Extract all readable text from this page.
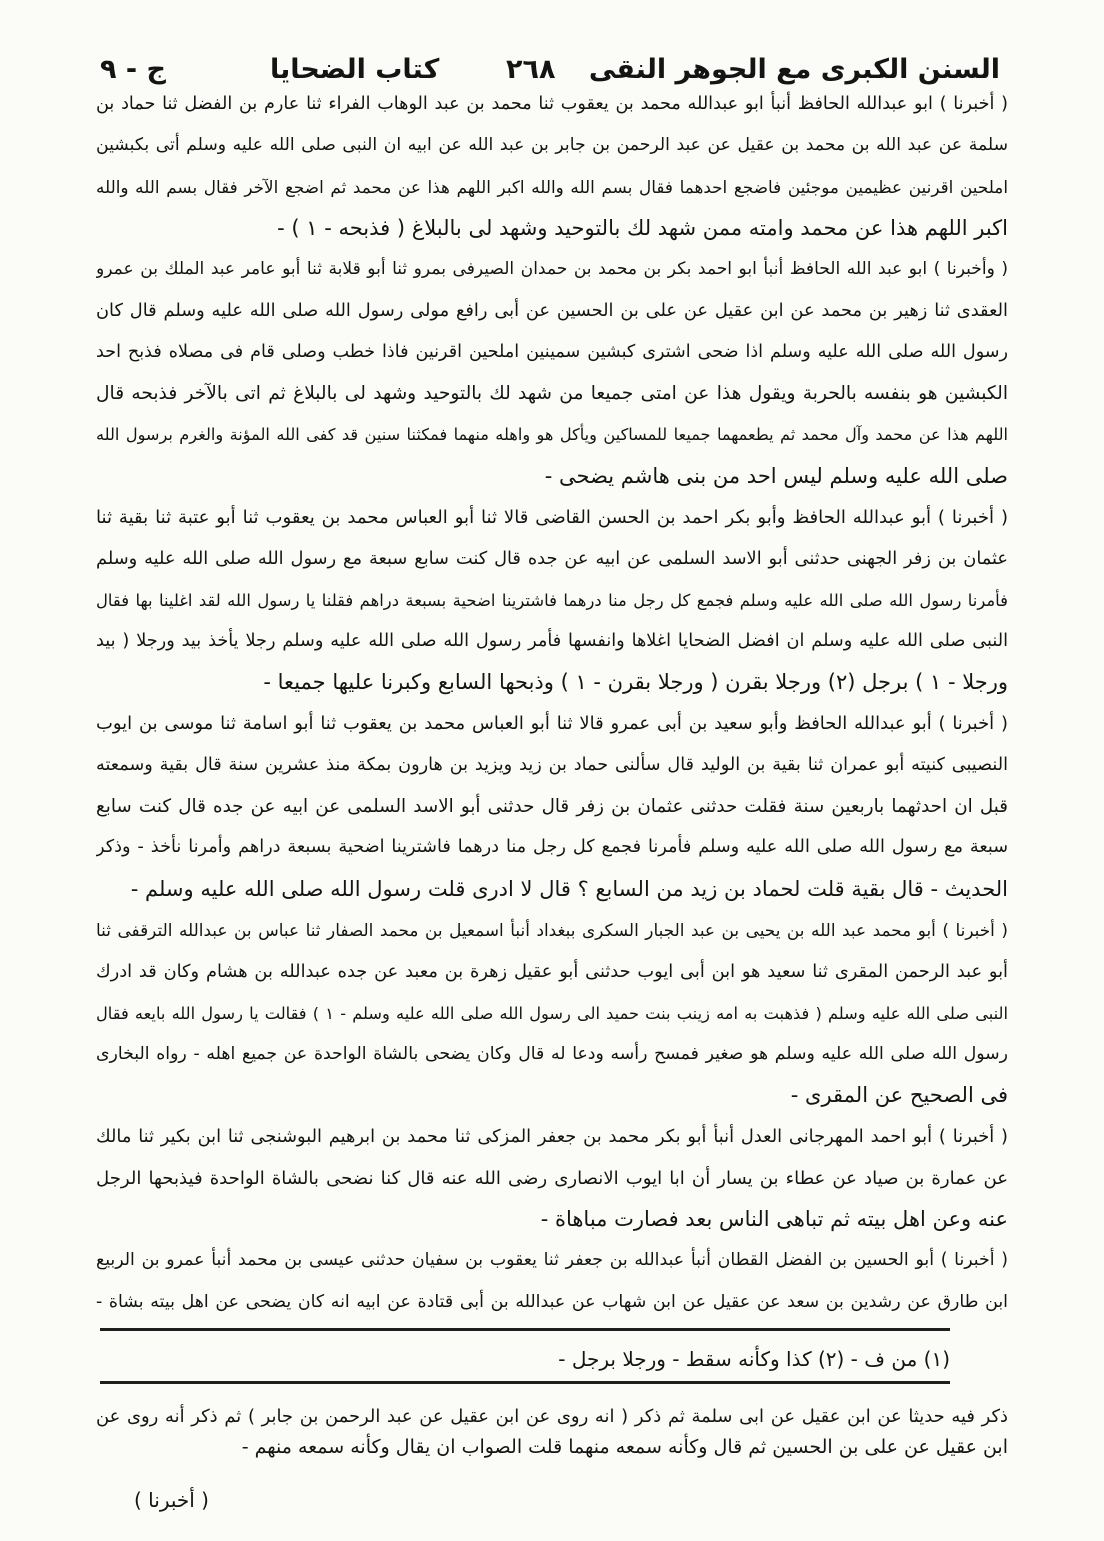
السنن الكبرى مع الجوهر النقى
٢٦٨
كتاب الضحايا
ج - ٩
( أخبرنا ) ابو عبدالله الحافظ أنبأ ابو عبدالله محمد بن يعقوب ثنا محمد بن عبد الوهاب الفراء ثنا عارم بن الفضل ثنا حماد بن
سلمة عن عبد الله بن محمد بن عقيل عن عبد الرحمن بن جابر بن عبد الله عن ابيه ان النبى صلى الله عليه وسلم أتى بكبشين
املحين اقرنين عظيمين موجئين فاضجع احدهما فقال بسم الله والله اكبر اللهم هذا عن محمد ثم اضجع الآخر فقال بسم الله والله
اكبر اللهم هذا عن محمد وامته ممن شهد لك بالتوحيد وشهد لى بالبلاغ ( فذبحه - ١ ) -
( وأخبرنا ) ابو عبد الله الحافظ أنبأ ابو احمد بكر بن محمد بن حمدان الصيرفى بمرو ثنا أبو قلابة ثنا أبو عامر عبد الملك بن عمرو
العقدى ثنا زهير بن محمد عن ابن عقيل عن على بن الحسين عن أبى رافع مولى رسول الله صلى الله عليه وسلم قال كان
رسول الله صلى الله عليه وسلم اذا ضحى اشترى كبشين سمينين املحين اقرنين فاذا خطب وصلى قام فى مصلاه فذبح احد
الكبشين هو بنفسه بالحربة ويقول هذا عن امتى جميعا من شهد لك بالتوحيد وشهد لى بالبلاغ ثم اتى بالآخر فذبحه قال
اللهم هذا عن محمد وآل محمد ثم يطعمهما جميعا للمساكين ويأكل هو واهله منهما فمكثنا سنين قد كفى الله المؤنة والغرم برسول الله
صلى الله عليه وسلم ليس احد من بنى هاشم يضحى -
( أخبرنا ) أبو عبدالله الحافظ وأبو بكر احمد بن الحسن القاضى قالا ثنا أبو العباس محمد بن يعقوب ثنا أبو عتبة ثنا بقية ثنا
عثمان بن زفر الجهنى حدثنى أبو الاسد السلمى عن ابيه عن جده قال كنت سابع سبعة مع رسول الله صلى الله عليه وسلم
فأمرنا رسول الله صلى الله عليه وسلم فجمع كل رجل منا درهما فاشترينا اضحية بسبعة دراهم فقلنا يا رسول الله لقد اغلينا بها فقال
النبى صلى الله عليه وسلم ان افضل الضحايا اغلاها وانفسها فأمر رسول الله صلى الله عليه وسلم رجلا يأخذ بيد ورجلا ( بيد
ورجلا - ١ ) برجل (٢) ورجلا بقرن ( ورجلا بقرن - ١ ) وذبحها السابع وكبرنا عليها جميعا -
( أخبرنا ) أبو عبدالله الحافظ وأبو سعيد بن أبى عمرو قالا ثنا أبو العباس محمد بن يعقوب ثنا أبو اسامة ثنا موسى بن ايوب
النصيبى كنيته أبو عمران ثنا بقية بن الوليد قال سألنى حماد بن زيد ويزيد بن هارون بمكة منذ عشرين سنة قال بقية وسمعته
قبل ان احدثهما باربعين سنة فقلت حدثنى عثمان بن زفر قال حدثنى أبو الاسد السلمى عن ابيه عن جده قال كنت سابع
سبعة مع رسول الله صلى الله عليه وسلم فأمرنا فجمع كل رجل منا درهما فاشترينا اضحية بسبعة دراهم وأمرنا نأخذ - وذكر
الحديث - قال بقية قلت لحماد بن زيد من السابع ؟ قال لا ادرى قلت رسول الله صلى الله عليه وسلم -
( أخبرنا ) أبو محمد عبد الله بن يحيى بن عبد الجبار السكرى ببغداد أنبأ اسمعيل بن محمد الصفار ثنا عباس بن عبدالله الترقفى ثنا
أبو عبد الرحمن المقرى ثنا سعيد هو ابن أبى ايوب حدثنى أبو عقيل زهرة بن معبد عن جده عبدالله بن هشام وكان قد ادرك
النبى صلى الله عليه وسلم ( فذهبت به امه زينب بنت حميد الى رسول الله صلى الله عليه وسلم - ١ ) فقالت يا رسول الله بايعه فقال
رسول الله صلى الله عليه وسلم هو صغير فمسح رأسه ودعا له قال وكان يضحى بالشاة الواحدة عن جميع اهله - رواه البخارى
فى الصحيح عن المقرى -
( أخبرنا ) أبو احمد المهرجانى العدل أنبأ أبو بكر محمد بن جعفر المزكى ثنا محمد بن ابرهيم البوشنجى ثنا ابن بكير ثنا مالك
عن عمارة بن صياد عن عطاء بن يسار أن ابا ايوب الانصارى رضى الله عنه قال كنا نضحى بالشاة الواحدة فيذبحها الرجل
عنه وعن اهل بيته ثم تباهى الناس بعد فصارت مباهاة -
( أخبرنا ) أبو الحسين بن الفضل القطان أنبأ عبدالله بن جعفر ثنا يعقوب بن سفيان حدثنى عيسى بن محمد أنبأ عمرو بن الربيع
ابن طارق عن رشدين بن سعد عن عقيل عن ابن شهاب عن عبدالله بن أبى قتادة عن ابيه انه كان يضحى عن اهل بيته بشاة -
(١) من ف - (٢) كذا وكأنه سقط - ورجلا برجل -
ذكر فيه حديثا عن ابن عقيل عن ابى سلمة ثم ذكر ( انه روى عن ابن عقيل عن عبد الرحمن بن جابر ) ثم ذكر أنه روى عن
ابن عقيل عن على بن الحسين ثم قال وكأنه سمعه منهما قلت الصواب ان يقال وكأنه سمعه منهم -
( أخبرنا )
